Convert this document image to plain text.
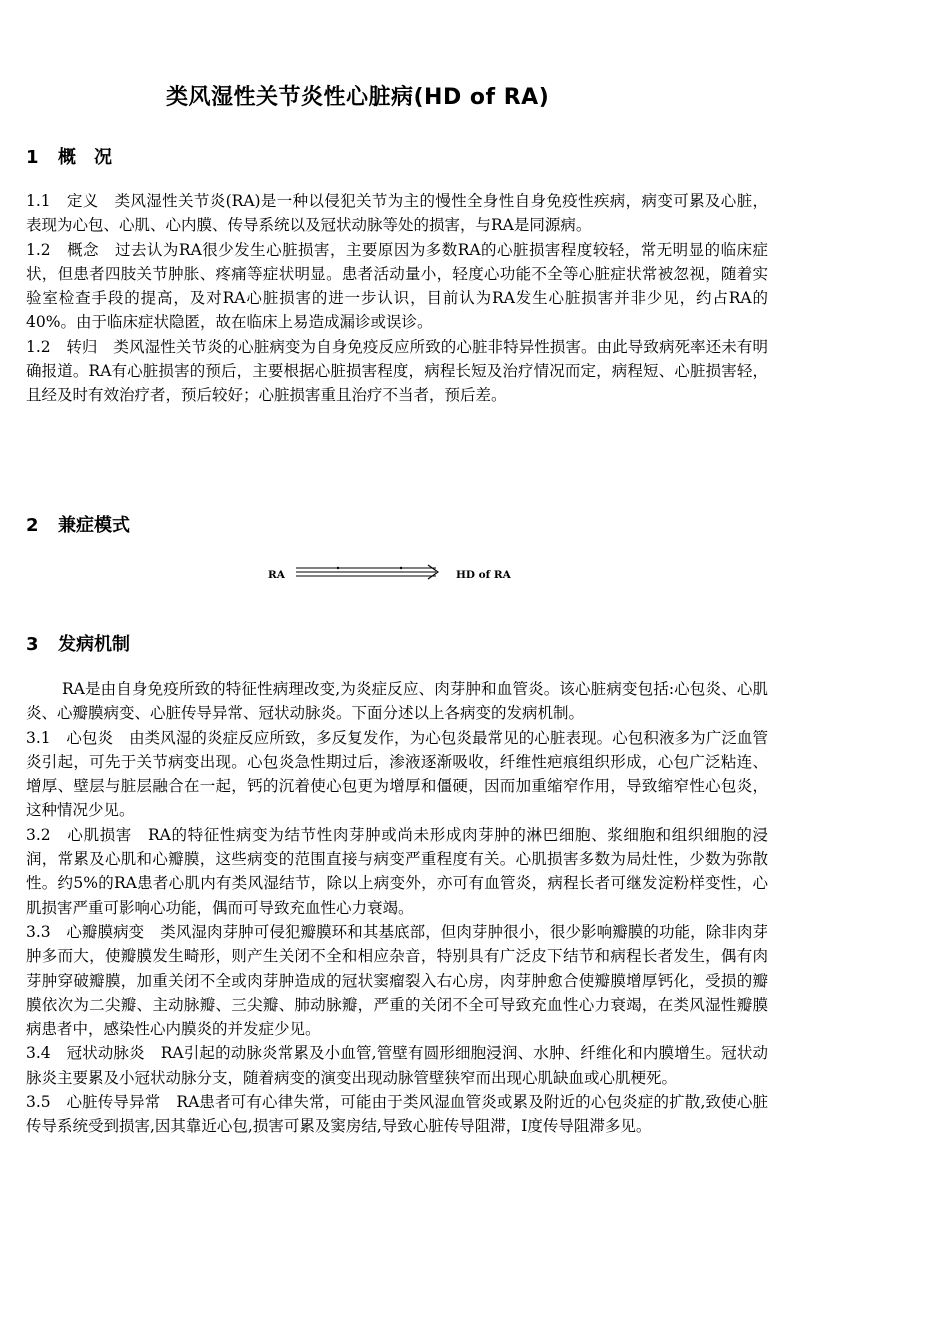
类风湿性关节炎性心脏病(HD of RA)
1 概　况

1.1　定义 类风湿性关节炎(RA)是一种以侵犯关节为主的慢性全身性自身免疫性疾病，病变可累及心脏，表现为心包、心肌、心内膜、传导系统以及冠状动脉等处的损害，与RA是同源病。

1.2　概念 过去认为RA很少发生心脏损害，主要原因为多数RA的心脏损害程度较轻，常无明显的临床症状，但患者四肢关节肿胀、疼痛等症状明显。患者活动量小，轻度心功能不全等心脏症状常被忽视，随着实验室检查手段的提高，及对RA心脏损害的进一步认识，目前认为RA发生心脏损害并非少见，约占RA的40%。由于临床症状隐匿，故在临床上易造成漏诊或误诊。

1.2　转归 类风湿性关节炎的心脏病变为自身免疫反应所致的心脏非特异性损害。由此导致病死率还未有明确报道。RA有心脏损害的预后，主要根据心脏损害程度，病程长短及治疗情况而定，病程短、心脏损害轻，且经及时有效治疗者，预后较好；心脏损害重且治疗不当者，预后差。

2 兼症模式
RA	HD of RA
3 发病机制

RA是由自身免疫所致的特征性病理改变,为炎症反应、肉芽肿和血管炎。该心脏病变包括:心包炎、心肌炎、心瓣膜病变、心脏传导异常、冠状动脉炎。下面分述以上各病变的发病机制。

3.1　心包炎 由类风湿的炎症反应所致，多反复发作，为心包炎最常见的心脏表现。心包积液多为广泛血管炎引起，可先于关节病变出现。心包炎急性期过后，渗液逐渐吸收，纤维性疤痕组织形成，心包广泛粘连、增厚、壁层与脏层融合在一起，钙的沉着使心包更为增厚和僵硬，因而加重缩窄作用，导致缩窄性心包炎，这种情况少见。

3.2　心肌损害 RA的特征性病变为结节性肉芽肿或尚未形成肉芽肿的淋巴细胞、浆细胞和组织细胞的浸润，常累及心肌和心瓣膜，这些病变的范围直接与病变严重程度有关。心肌损害多数为局灶性，少数为弥散性。约5%的RA患者心肌内有类风湿结节，除以上病变外，亦可有血管炎，病程长者可继发淀粉样变性，心肌损害严重可影响心功能，偶而可导致充血性心力衰竭。

3.3　心瓣膜病变 类风湿肉芽肿可侵犯瓣膜环和其基底部，但肉芽肿很小，很少影响瓣膜的功能，除非肉芽肿多而大，使瓣膜发生畸形，则产生关闭不全和相应杂音，特别具有广泛皮下结节和病程长者发生，偶有肉芽肿穿破瓣膜，加重关闭不全或肉芽肿造成的冠状窦瘤裂入右心房，肉芽肿愈合使瓣膜增厚钙化，受损的瓣膜依次为二尖瓣、主动脉瓣、三尖瓣、肺动脉瓣，严重的关闭不全可导致充血性心力衰竭，在类风湿性瓣膜病患者中，感染性心内膜炎的并发症少见。

3.4　冠状动脉炎 RA引起的动脉炎常累及小血管,管壁有圆形细胞浸润、水肿、纤维化和内膜增生。冠状动脉炎主要累及小冠状动脉分支，随着病变的演变出现动脉管壁狭窄而出现心肌缺血或心肌梗死。

3.5　心脏传导异常 RA患者可有心律失常，可能由于类风湿血管炎或累及附近的心包炎症的扩散,致使心脏传导系统受到损害,因其靠近心包,损害可累及窦房结,导致心脏传导阻滞，Ⅰ度传导阻滞多见。
